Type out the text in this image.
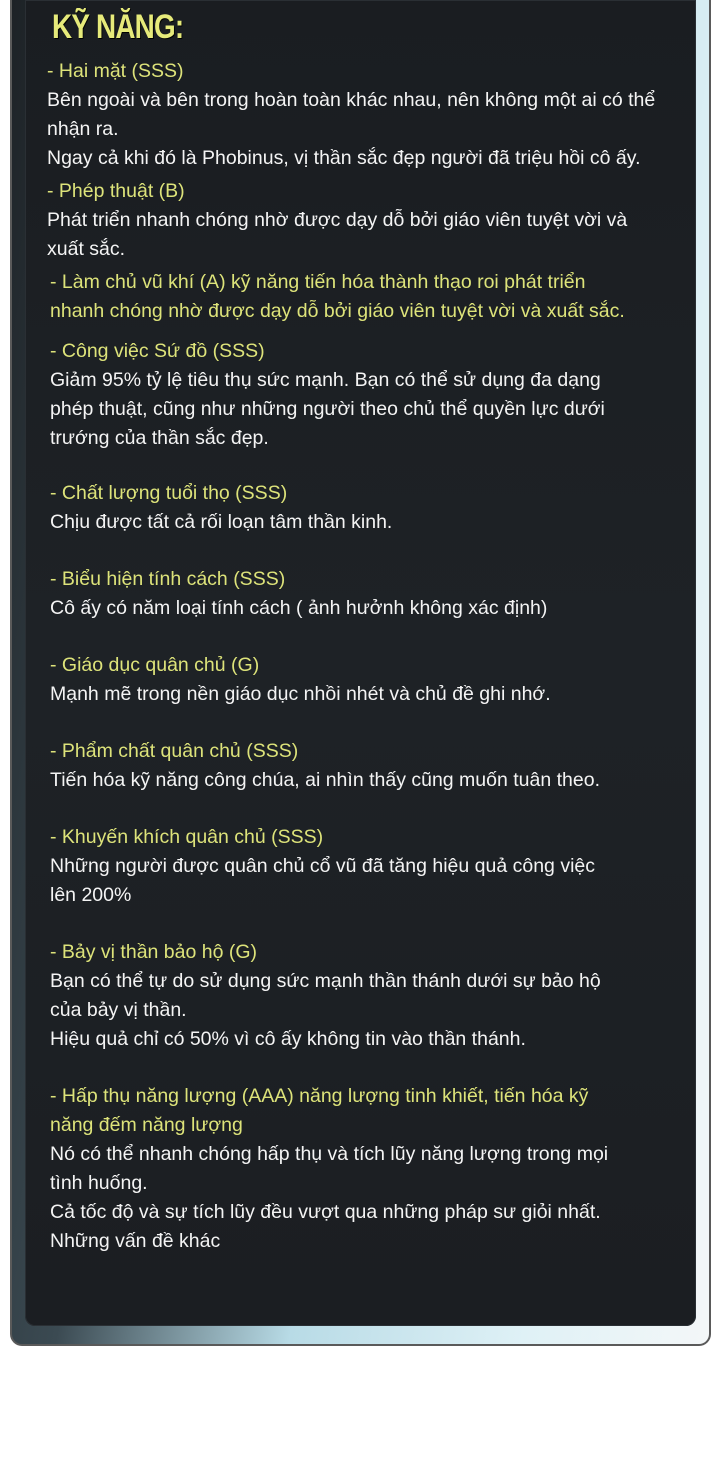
KỸ NĂNG:
- Hai mặt (SSS)
Bên ngoài và bên trong hoàn toàn khác nhau, nên không một ai có thể
nhận ra.
Ngay cả khi đó là Phobinus, vị thần sắc đẹp người đã triệu hồi cô ấy.
- Phép thuật (B)
Phát triển nhanh chóng nhờ được dạy dỗ bởi giáo viên tuyệt vời và
xuất sắc.
- Làm chủ vũ khí (A) kỹ năng tiến hóa thành thạo roi phát triển
nhanh chóng nhờ được dạy dỗ bởi giáo viên tuyệt vời và xuất sắc.
- Công việc Sứ đồ (SSS)
Giảm 95% tỷ lệ tiêu thụ sức mạnh. Bạn có thể sử dụng đa dạng
phép thuật, cũng như những người theo chủ thể quyền lực dưới
trướng của thần sắc đẹp.
- Chất lượng tuổi thọ (SSS)
Chịu được tất cả rối loạn tâm thần kinh.
- Biểu hiện tính cách (SSS)
Cô ấy có năm loại tính cách ( ảnh hưởnh không xác định)
- Giáo dục quân chủ (G)
Mạnh mẽ trong nền giáo dục nhồi nhét và chủ đề ghi nhớ.
- Phẩm chất quân chủ (SSS)
Tiến hóa kỹ năng công chúa, ai nhìn thấy cũng muốn tuân theo.
- Khuyến khích quân chủ (SSS)
Những người được quân chủ cổ vũ đã tăng hiệu quả công việc
lên 200%
- Bảy vị thần bảo hộ (G)
Bạn có thể tự do sử dụng sức mạnh thần thánh dưới sự bảo hộ
của bảy vị thần.
Hiệu quả chỉ có 50% vì cô ấy không tin vào thần thánh.
- Hấp thụ năng lượng (AAA) năng lượng tinh khiết, tiến hóa kỹ
năng đếm năng lượng
Nó có thể nhanh chóng hấp thụ và tích lũy năng lượng trong mọi
tình huống.
Cả tốc độ và sự tích lũy đều vượt qua những pháp sư giỏi nhất.
Những vấn đề khác
